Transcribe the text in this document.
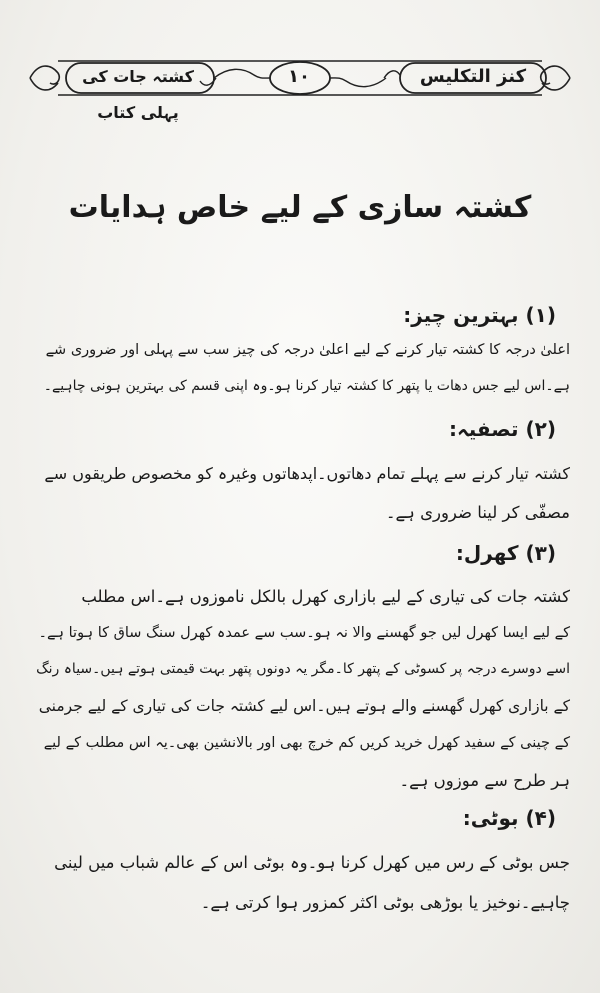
کنز التکلیس
۱۰
کشتہ جات کی پہلی کتاب
کشتہ سازی کے لیے خاص ہدایات
(۱) بہترین چیز:
اعلیٰ درجہ کا کشتہ تیار کرنے کے لیے اعلیٰ درجہ کی چیز سب سے پہلی اور ضروری شے
ہے۔اس لیے جس دھات یا پتھر کا کشتہ تیار کرنا ہو۔وہ اپنی قسم کی بہترین ہونی چاہیے۔
(۲) تصفیہ:
کشتہ تیار کرنے سے پہلے تمام دھاتوں۔اپدھاتوں وغیرہ کو مخصوص طریقوں سے
مصفّی کر لینا ضروری ہے۔
(۳) کھرل:
کشتہ جات کی تیاری کے لیے بازاری کھرل بالکل ناموزوں ہے۔اس مطلب
کے لیے ایسا کھرل لیں جو گھسنے والا نہ ہو۔سب سے عمدہ کھرل سنگ ساق کا ہوتا ہے۔
اسے دوسرے درجہ پر کسوٹی کے پتھر کا۔مگر یہ دونوں پتھر بہت قیمتی ہوتے ہیں۔سیاہ رنگ
کے بازاری کھرل گھسنے والے ہوتے ہیں۔اس لیے کشتہ جات کی تیاری کے لیے جرمنی
کے چینی کے سفید کھرل خرید کریں کم خرچ بھی اور بالانشین بھی۔یہ اس مطلب کے لیے
ہر طرح سے موزوں ہے۔
(۴) بوٹی:
جس بوٹی کے رس میں کھرل کرنا ہو۔وہ بوٹی اس کے عالم شباب میں لینی
چاہیے۔نوخیز یا بوڑھی بوٹی اکثر کمزور ہوا کرتی ہے۔
